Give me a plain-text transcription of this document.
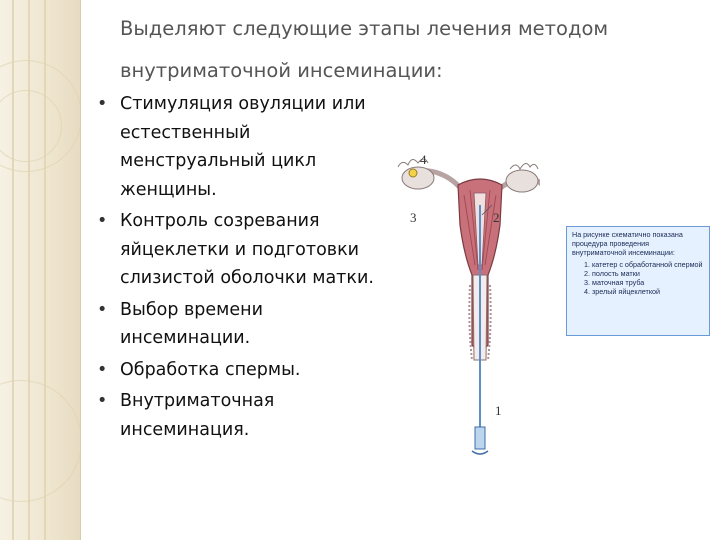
Выделяют следующие этапы лечения методом
внутриматочной инсеминации:
• Стимуляция овуляции или естественный менструальный цикл женщины.
• Контроль созревания яйцеклетки и подготовки слизистой оболочки матки.
• Выбор времени инсеминации.
• Обработка спермы.
• Внутриматочная инсеминация.
4
3	2
1
На рисунке схематично показана процедура проведения внутриматочной инсеминации:
1. катетер с обработанной спермой
2. полость матки
3. маточная труба
4. зрелый яйцеклеткой
